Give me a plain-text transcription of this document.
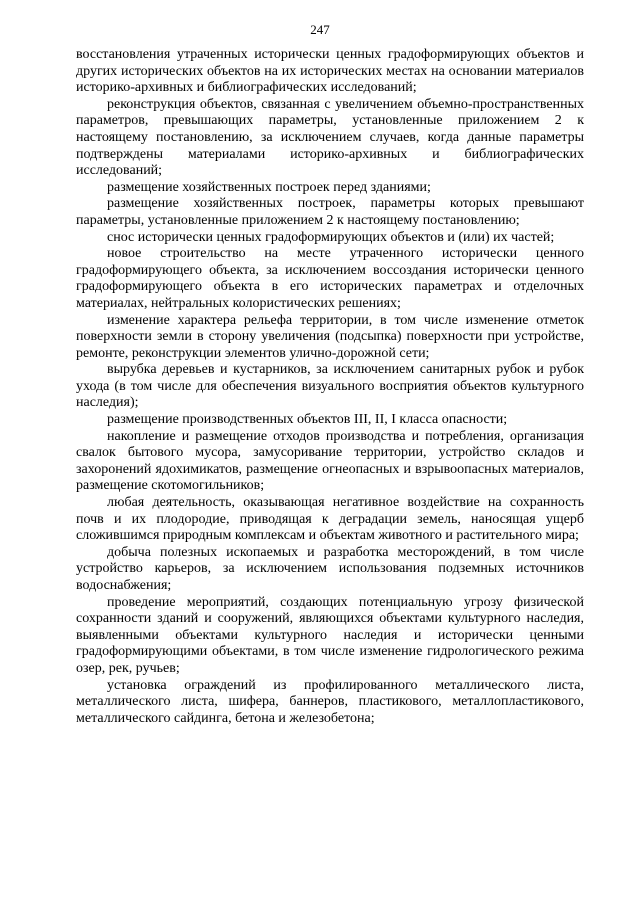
247

восстановления утраченных исторически ценных градоформирующих объектов и других исторических объектов на их исторических местах на основании материалов историко-архивных и библиографических исследований;

реконструкция объектов, связанная с увеличением объемно-пространственных параметров, превышающих параметры, установленные приложением 2 к настоящему постановлению, за исключением случаев, когда данные параметры подтверждены материалами историко-архивных и библиографических исследований;

размещение хозяйственных построек перед зданиями;

размещение хозяйственных построек, параметры которых превышают параметры, установленные приложением 2 к настоящему постановлению;

снос исторически ценных градоформирующих объектов и (или) их частей;

новое строительство на месте утраченного исторически ценного градоформирующего объекта, за исключением воссоздания исторически ценного градоформирующего объекта в его исторических параметрах и отделочных материалах, нейтральных колористических решениях;

изменение характера рельефа территории, в том числе изменение отметок поверхности земли в сторону увеличения (подсыпка) поверхности при устройстве, ремонте, реконструкции элементов улично-дорожной сети;

вырубка деревьев и кустарников, за исключением санитарных рубок и рубок ухода (в том числе для обеспечения визуального восприятия объектов культурного наследия);

размещение производственных объектов III, II, I класса опасности;

накопление и размещение отходов производства и потребления, организация свалок бытового мусора, замусоривание территории, устройство складов и захоронений ядохимикатов, размещение огнеопасных и взрывоопасных материалов, размещение скотомогильников;

любая деятельность, оказывающая негативное воздействие на сохранность почв и их плодородие, приводящая к деградации земель, наносящая ущерб сложившимся природным комплексам и объектам животного и растительного мира;

добыча полезных ископаемых и разработка месторождений, в том числе устройство карьеров, за исключением использования подземных источников водоснабжения;

проведение мероприятий, создающих потенциальную угрозу физической сохранности зданий и сооружений, являющихся объектами культурного наследия, выявленными объектами культурного наследия и исторически ценными градоформирующими объектами, в том числе изменение гидрологического режима озер, рек, ручьев;

установка ограждений из профилированного металлического листа, металлического листа, шифера, баннеров, пластикового, металлопластикового, металлического сайдинга, бетона и железобетона;
